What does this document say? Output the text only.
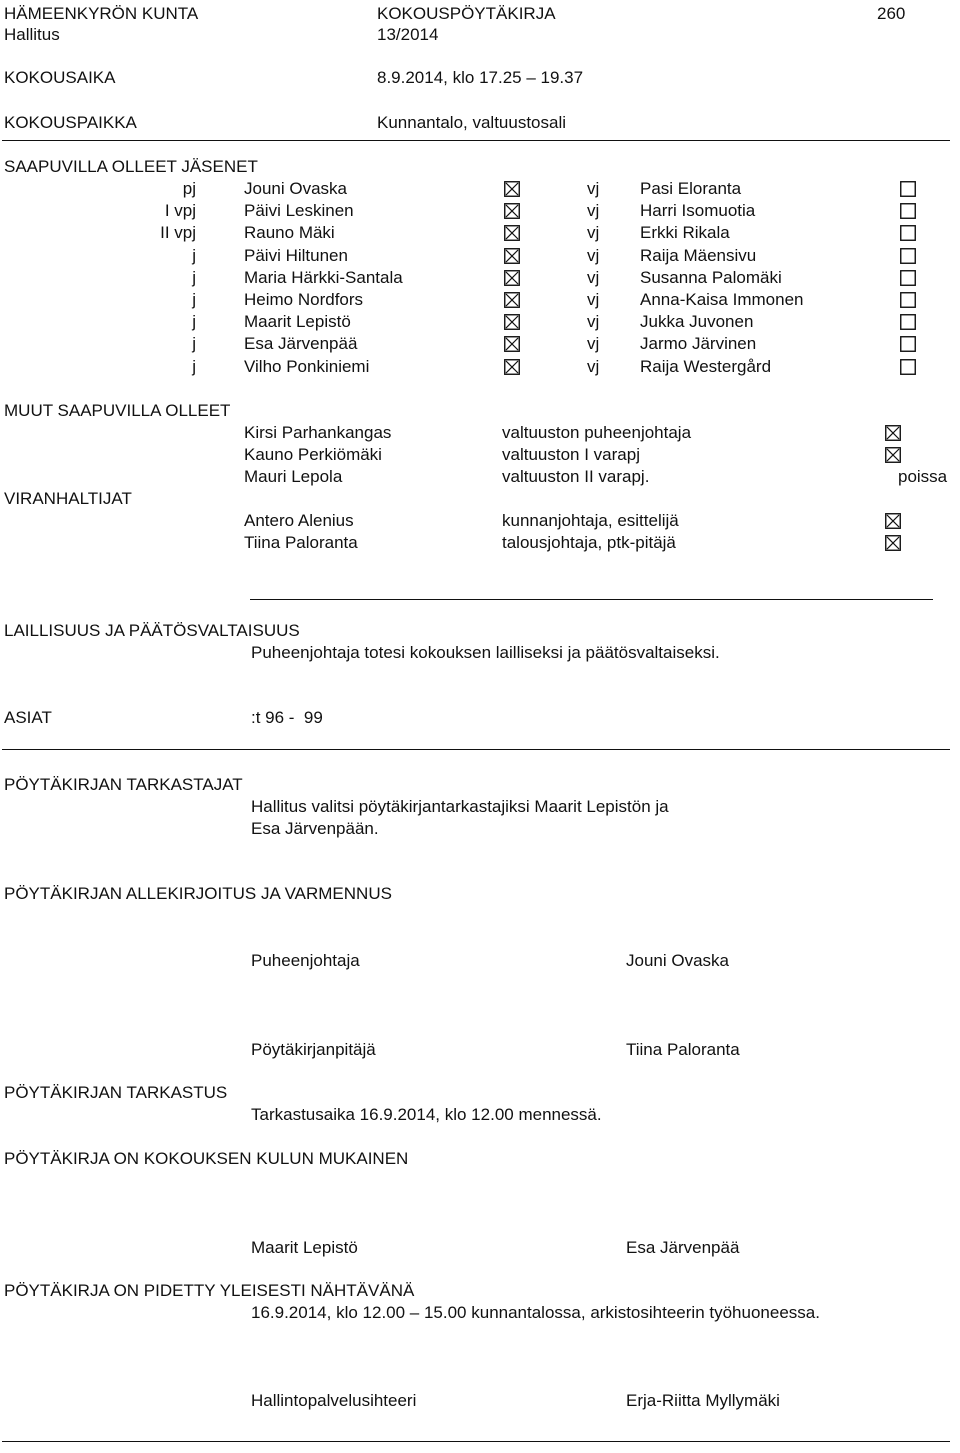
HÄMEENKYRÖN KUNTA	KOKOUSPÖYTÄKIRJA	260
Hallitus	13/2014
KOKOUSAIKA	8.9.2014, klo 17.25 – 19.37
KOKOUSPAIKKA	Kunnantalo, valtuustosali
SAAPUVILLA OLLEET JÄSENET
pj	Jouni Ovaska	vj Pasi Eloranta
I vpj	Päivi Leskinen	vj Harri Isomuotia
II vpj	Rauno Mäki	vj Erkki Rikala
j	Päivi Hiltunen	vj Raija Mäensivu
j	Maria Härkki-Santala	vj Susanna Palomäki
j	Heimo Nordfors	vj Anna-Kaisa Immonen
j	Maarit Lepistö	vj Jukka Juvonen
j	Esa Järvenpää	vj Jarmo Järvinen
j	Vilho Ponkiniemi	vj Raija Westergård
MUUT SAAPUVILLA OLLEET
Kirsi Parhankangas	valtuuston puheenjohtaja
Kauno Perkiömäki	valtuuston I varapj
Mauri Lepola	valtuuston II varapj.	poissa
VIRANHALTIJAT
Antero Alenius	kunnanjohtaja, esittelijä
Tiina Paloranta	talousjohtaja, ptk-pitäjä
LAILLISUUS JA PÄÄTÖSVALTAISUUS
Puheenjohtaja totesi kokouksen lailliseksi ja päätösvaltaiseksi.
ASIAT	:t 96 -  99
PÖYTÄKIRJAN TARKASTAJAT
Hallitus valitsi pöytäkirjantarkastajiksi Maarit Lepistön ja
Esa Järvenpään.
PÖYTÄKIRJAN ALLEKIRJOITUS JA VARMENNUS
Puheenjohtaja	Jouni Ovaska
Pöytäkirjanpitäjä	Tiina Paloranta
PÖYTÄKIRJAN TARKASTUS
Tarkastusaika 16.9.2014, klo 12.00 mennessä.
PÖYTÄKIRJA ON KOKOUKSEN KULUN MUKAINEN
Maarit Lepistö	Esa Järvenpää
PÖYTÄKIRJA ON PIDETTY YLEISESTI NÄHTÄVÄNÄ
16.9.2014, klo 12.00 – 15.00 kunnantalossa, arkistosihteerin työhuoneessa.
Hallintopalvelusihteeri	Erja-Riitta Myllymäki
